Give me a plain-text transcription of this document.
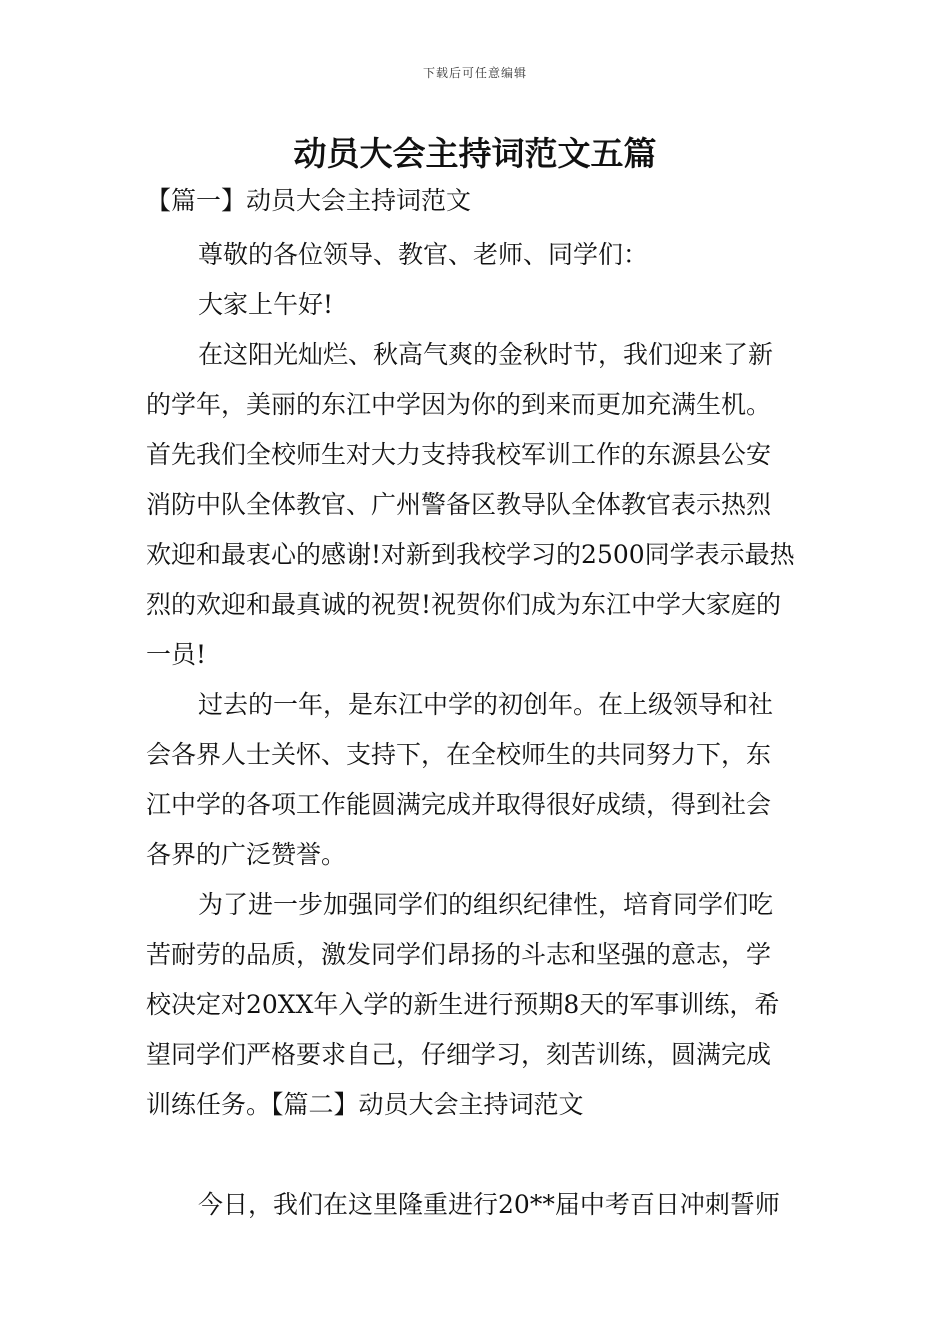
下载后可任意编辑
动员大会主持词范文五篇
【篇一】动员大会主持词范文
尊敬的各位领导、教官、老师、同学们：
大家上午好!
在这阳光灿烂、秋高气爽的金秋时节，我们迎来了新
的学年，美丽的东江中学因为你的到来而更加充满生机。
首先我们全校师生对大力支持我校军训工作的东源县公安
消防中队全体教官、广州警备区教导队全体教官表示热烈
欢迎和最衷心的感谢!对新到我校学习的2500同学表示最热
烈的欢迎和最真诚的祝贺!祝贺你们成为东江中学大家庭的
一员!
过去的一年，是东江中学的初创年。在上级领导和社
会各界人士关怀、支持下，在全校师生的共同努力下，东
江中学的各项工作能圆满完成并取得很好成绩，得到社会
各界的广泛赞誉。
为了进一步加强同学们的组织纪律性，培育同学们吃
苦耐劳的品质，激发同学们昂扬的斗志和坚强的意志，学
校决定对20XX年入学的新生进行预期8天的军事训练，希
望同学们严格要求自己，仔细学习，刻苦训练，圆满完成
训练任务。【篇二】动员大会主持词范文
今日，我们在这里隆重进行20**届中考百日冲刺誓师
